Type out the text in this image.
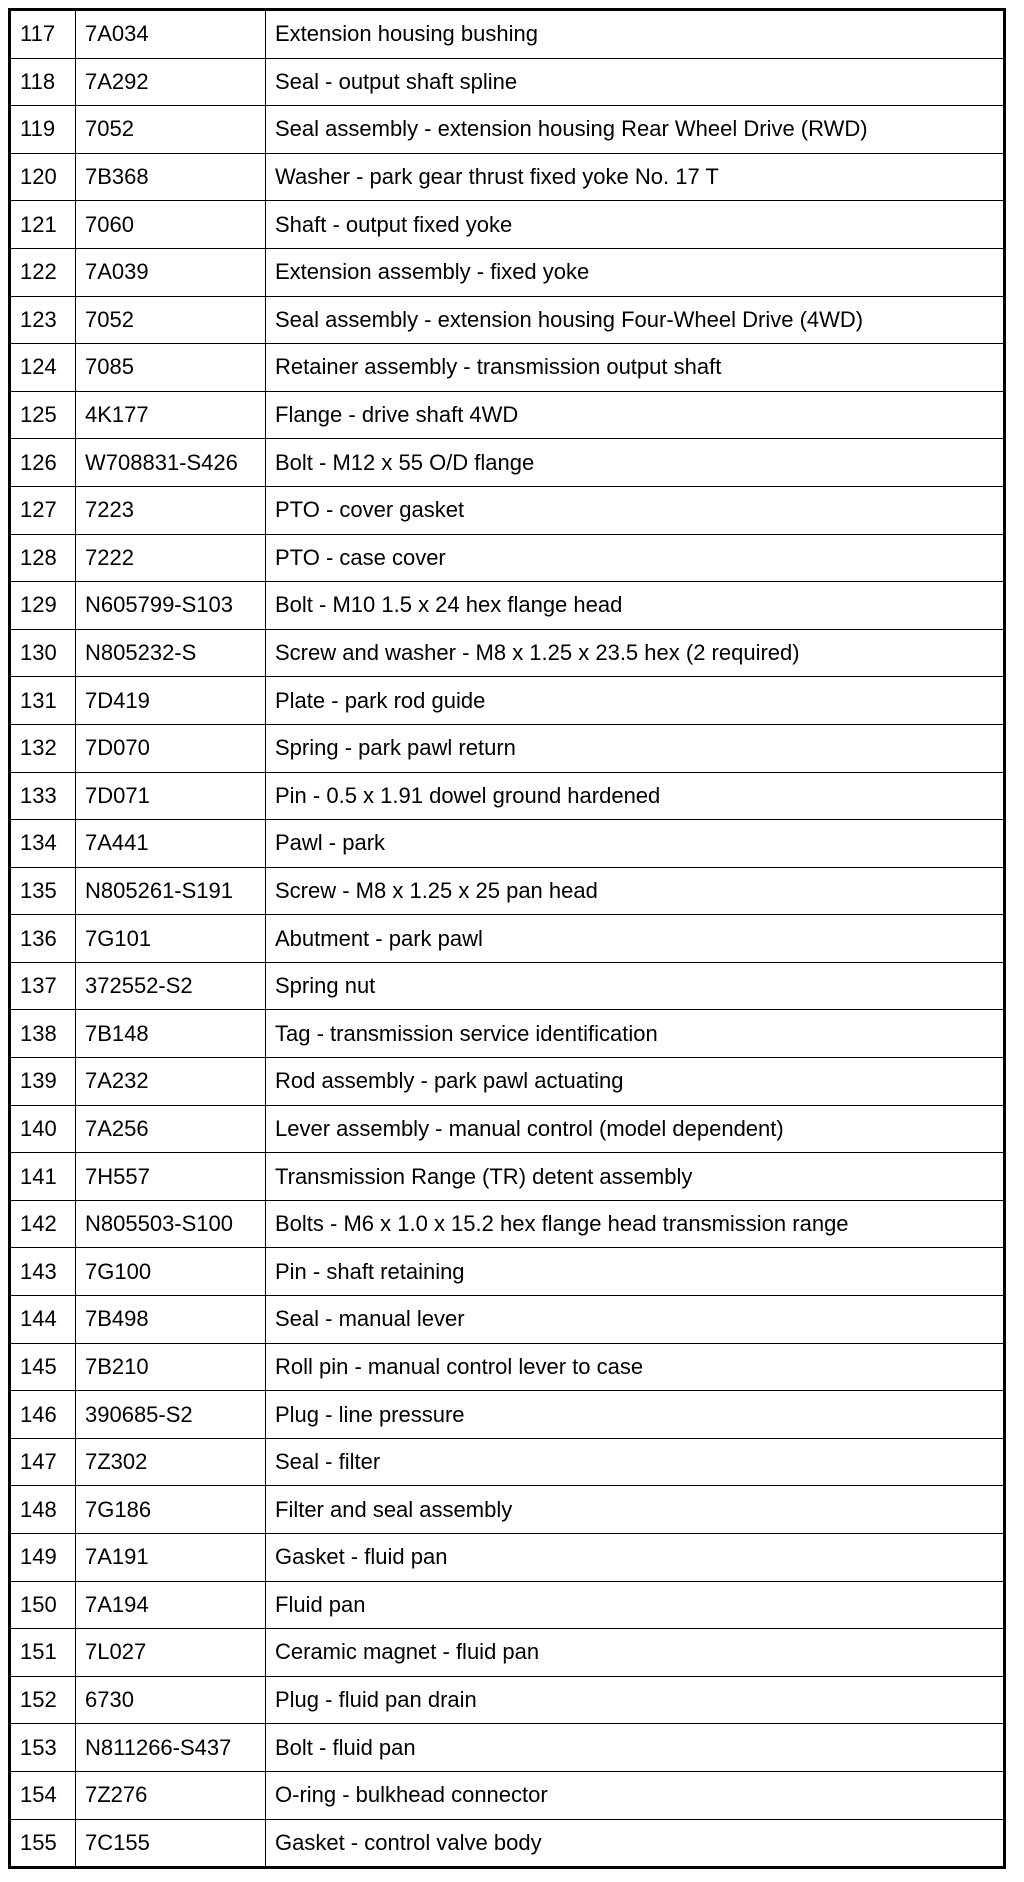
117	7A034	Extension housing bushing
118	7A292	Seal - output shaft spline
119	7052	Seal assembly - extension housing Rear Wheel Drive (RWD)
120	7B368	Washer - park gear thrust fixed yoke No. 17 T
121	7060	Shaft - output fixed yoke
122	7A039	Extension assembly - fixed yoke
123	7052	Seal assembly - extension housing Four-Wheel Drive (4WD)
124	7085	Retainer assembly - transmission output shaft
125	4K177	Flange - drive shaft 4WD
126	W708831-S426	Bolt - M12 x 55 O/D flange
127	7223	PTO - cover gasket
128	7222	PTO - case cover
129	N605799-S103	Bolt - M10 1.5 x 24 hex flange head
130	N805232-S	Screw and washer - M8 x 1.25 x 23.5 hex (2 required)
131	7D419	Plate - park rod guide
132	7D070	Spring - park pawl return
133	7D071	Pin - 0.5 x 1.91 dowel ground hardened
134	7A441	Pawl - park
135	N805261-S191	Screw - M8 x 1.25 x 25 pan head
136	7G101	Abutment - park pawl
137	372552-S2	Spring nut
138	7B148	Tag - transmission service identification
139	7A232	Rod assembly - park pawl actuating
140	7A256	Lever assembly - manual control (model dependent)
141	7H557	Transmission Range (TR) detent assembly
142	N805503-S100	Bolts - M6 x 1.0 x 15.2 hex flange head transmission range
143	7G100	Pin - shaft retaining
144	7B498	Seal - manual lever
145	7B210	Roll pin - manual control lever to case
146	390685-S2	Plug - line pressure
147	7Z302	Seal - filter
148	7G186	Filter and seal assembly
149	7A191	Gasket - fluid pan
150	7A194	Fluid pan
151	7L027	Ceramic magnet - fluid pan
152	6730	Plug - fluid pan drain
153	N811266-S437	Bolt - fluid pan
154	7Z276	O-ring - bulkhead connector
155	7C155	Gasket - control valve body
